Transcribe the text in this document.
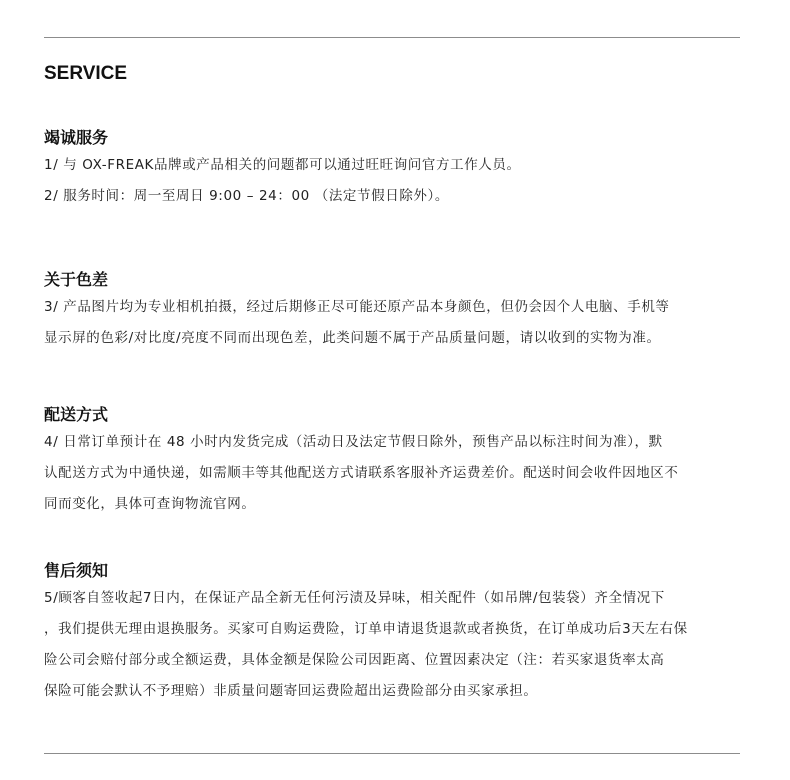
SERVICE

竭诚服务

1/ 与 OX-FREAK品牌或产品相关的问题都可以通过旺旺询问官方工作人员。

2/ 服务时间：周一至周日 9:00 – 24：00 （法定节假日除外）。

关于色差

3/ 产品图片均为专业相机拍摄，经过后期修正尽可能还原产品本身颜色，但仍会因个人电脑、手机等

显示屏的色彩/对比度/亮度不同而出现色差，此类问题不属于产品质量问题，请以收到的实物为准。

配送方式

4/ 日常订单预计在 48 小时内发货完成（活动日及法定节假日除外，预售产品以标注时间为准），默

认配送方式为中通快递，如需顺丰等其他配送方式请联系客服补齐运费差价。配送时间会收件因地区不

同而变化，具体可查询物流官网。

售后须知

5/顾客自签收起7日内，在保证产品全新无任何污渍及异味，相关配件（如吊牌/包装袋）齐全情况下

，我们提供无理由退换服务。买家可自购运费险，订单申请退货退款或者换货，在订单成功后3天左右保

险公司会赔付部分或全额运费，具体金额是保险公司因距离、位置因素决定（注：若买家退货率太高

保险可能会默认不予理赔）非质量问题寄回运费险超出运费险部分由买家承担。
